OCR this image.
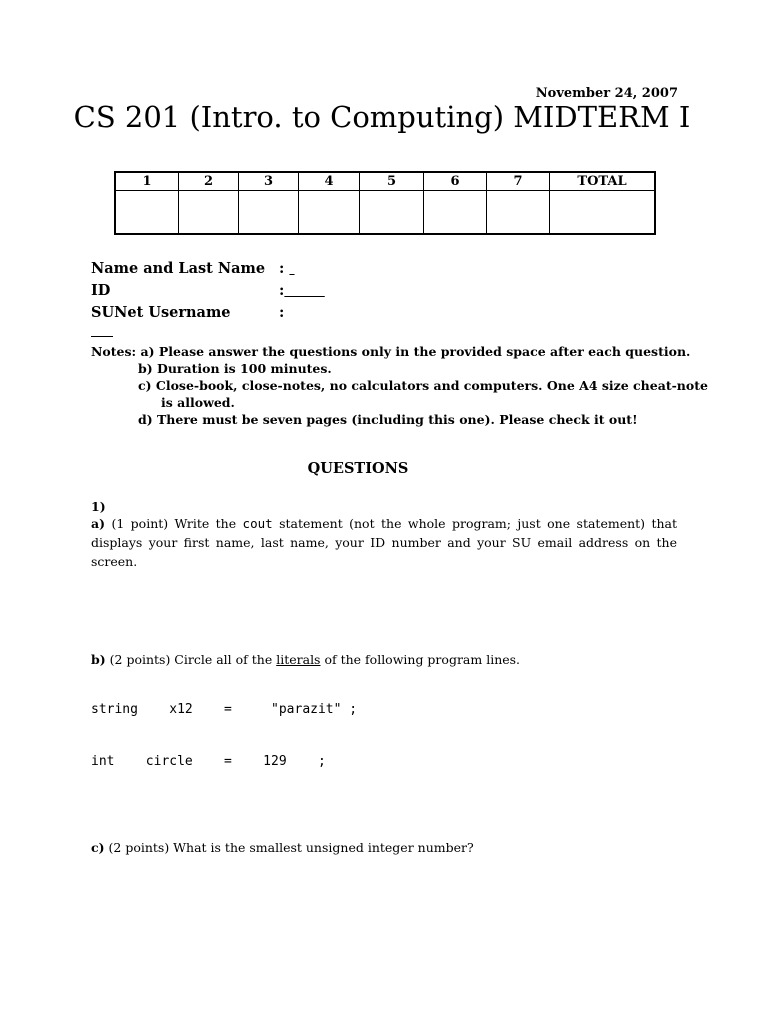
November 24, 2007
CS 201 (Intro. to Computing) MIDTERM I
1	2	3	4	5	6	7	TOTAL

Name and Last Name :
ID	:
SUNet Username	:
Notes: a) Please answer the questions only in the provided space after each question.
b) Duration is 100 minutes.
c) Close-book, close-notes, no calculators and computers. One A4 size cheat-note
is allowed.
d) There must be seven pages (including this one). Please check it out!
QUESTIONS
1)
a) (1 point) Write the cout statement (not the whole program; just one statement) that
displays your first name, last name, your ID number and your SU email address on the screen.
b) (2 points) Circle all of the literals of the following program lines.
string    x12    =     "parazit" ;
int    circle    =    129    ;
c) (2 points) What is the smallest unsigned integer number?
